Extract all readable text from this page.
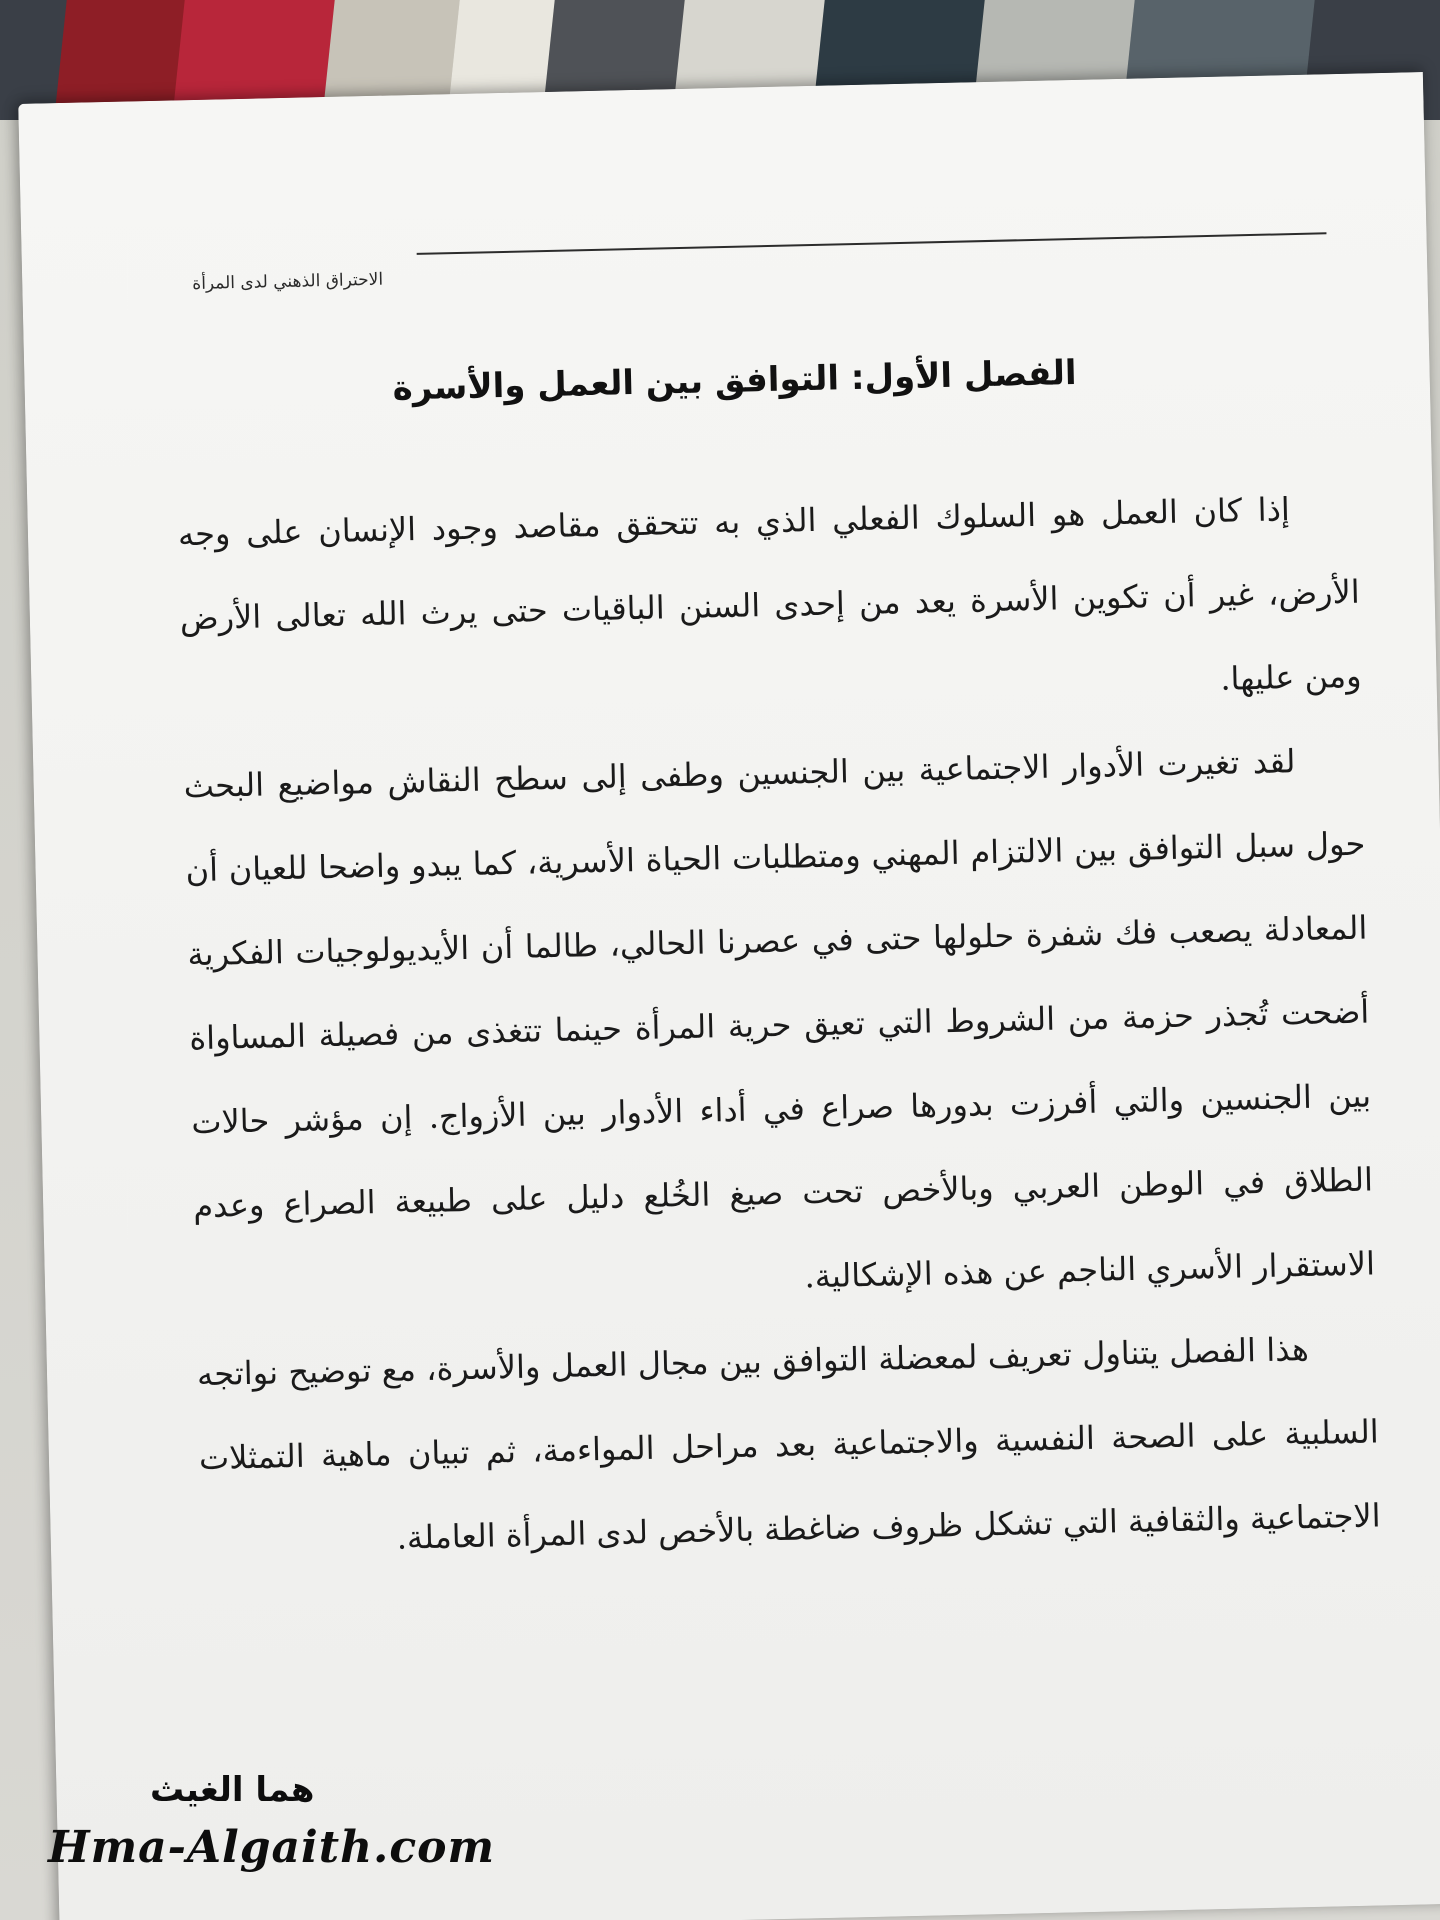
الاحتراق الذهني لدى المرأة
الفصل الأول: التوافق بين العمل والأسرة

إذا كان العمل هو السلوك الفعلي الذي به تتحقق مقاصد وجود الإنسان على وجه الأرض، غير أن تكوين الأسرة يعد من إحدى السنن الباقيات حتى يرث الله تعالى الأرض ومن عليها.

لقد تغيرت الأدوار الاجتماعية بين الجنسين وطفى إلى سطح النقاش مواضيع البحث حول سبل التوافق بين الالتزام المهني ومتطلبات الحياة الأسرية، كما يبدو واضحا للعيان أن المعادلة يصعب فك شفرة حلولها حتى في عصرنا الحالي، طالما أن الأيديولوجيات الفكرية أضحت تُجذر حزمة من الشروط التي تعيق حرية المرأة حينما تتغذى من فصيلة المساواة بين الجنسين والتي أفرزت بدورها صراع في أداء الأدوار بين الأزواج. إن مؤشر حالات الطلاق في الوطن العربي وبالأخص تحت صيغ الخُلع دليل على طبيعة الصراع وعدم الاستقرار الأسري الناجم عن هذه الإشكالية.

هذا الفصل يتناول تعريف لمعضلة التوافق بين مجال العمل والأسرة، مع توضيح نواتجه السلبية على الصحة النفسية والاجتماعية بعد مراحل المواءمة، ثم تبيان ماهية التمثلات الاجتماعية والثقافية التي تشكل ظروف ضاغطة بالأخص لدى المرأة العاملة.

هما الغيث
Hma-Algaith.com
